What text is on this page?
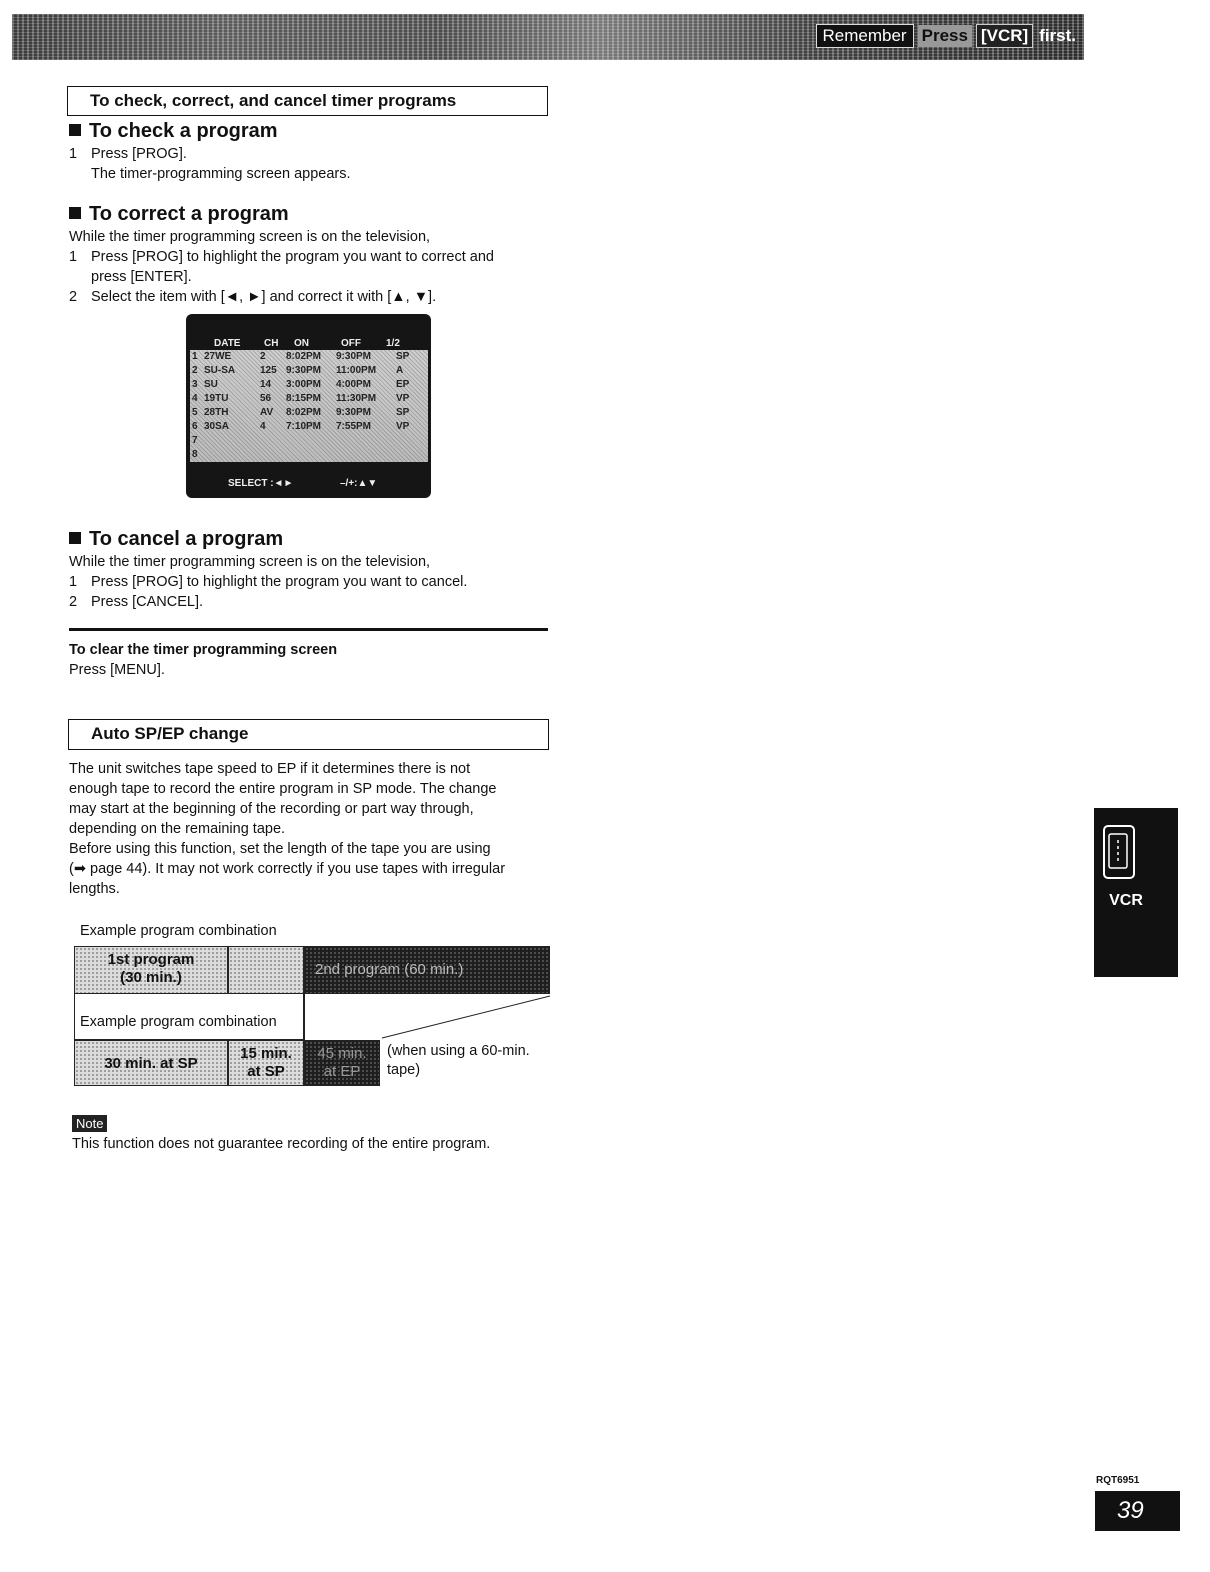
Remember Press [VCR] first.
To check, correct, and cancel timer programs
To check a program
1 Press [PROG].
The timer-programming screen appears.
To correct a program
While the timer programming screen is on the television,
1 Press [PROG] to highlight the program you want to correct and
press [ENTER].
2 Select the item with [◄, ►] and correct it with [▲, ▼].
DATE CH ON	OFF	1/2
1 27WE	2 8:02PM 9:30PM SP
2 SU-SA 125 9:30PM 11:00PM A
3 SU	14 3:00PM 4:00PM EP
4 19TU	56 8:15PM 11:30PM VP
5 28TH	AV 8:02PM 9:30PM SP
6 30SA	4 7:10PM 7:55PM VP
7
8
SELECT :◄►	–/+:▲▼
To cancel a program
While the timer programming screen is on the television,
1 Press [PROG] to highlight the program you want to cancel.
2 Press [CANCEL].
To clear the timer programming screen
Press [MENU].
Auto SP/EP change
The unit switches tape speed to EP if it determines there is not
enough tape to record the entire program in SP mode. The change
may start at the beginning of the recording or part way through,
depending on the remaining tape.
Before using this function, set the length of the tape you are using
(➡ page 44). It may not work correctly if you use tapes with irregular
lengths.
Example program combination
1st program
(30 min.)	2nd program (60 min.)
Example program combination
30 min. at SP
15 min.
at SP
45 min.
at EP
(when using a 60-min.
tape)
Note
This function does not guarantee recording of the entire program.
VCR
RQT6951
39
